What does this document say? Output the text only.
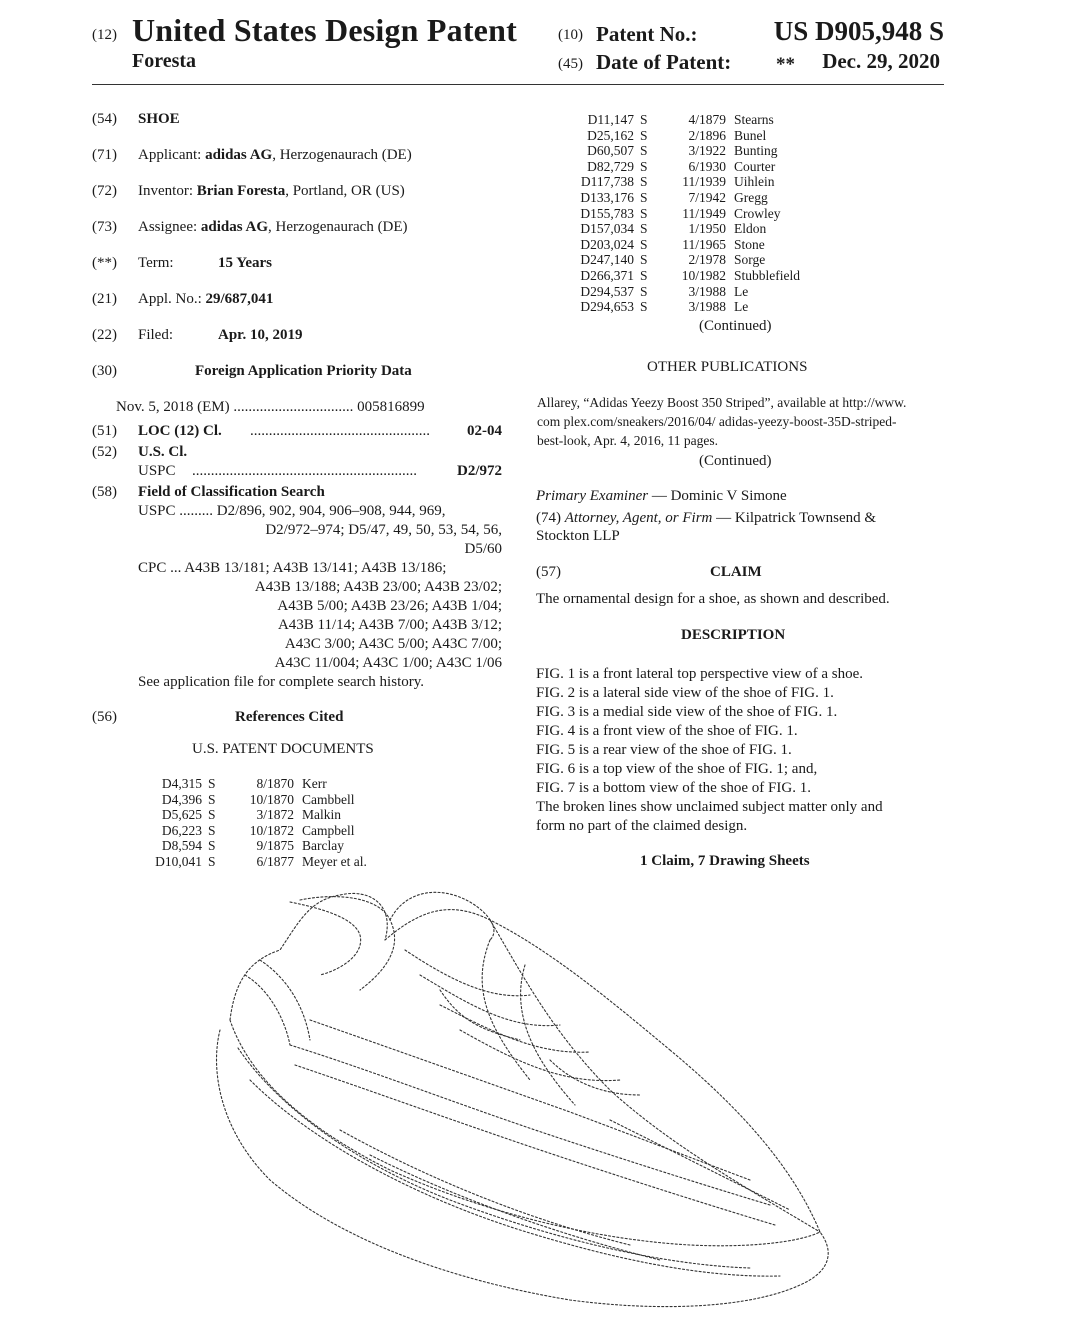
(12) United States Design Patent
Foresta
(10) Patent No.:	US D905,948 S
(45) Date of Patent: ** Dec. 29, 2020
(54) SHOE
(71) Applicant: adidas AG, Herzogenaurach (DE)
(72) Inventor: Brian Foresta, Portland, OR (US)
(73) Assignee: adidas AG, Herzogenaurach (DE)
(**) Term:	15 Years
(21) Appl. No.: 29/687,041
(22) Filed:	Apr. 10, 2019
(30)	Foreign Application Priority Data
Nov. 5, 2018 (EM) ................................ 005816899
(51) LOC (12) Cl. ................................................ 02-04
(52) U.S. Cl.
USPC ............................................................	D2/972
(58) Field of Classification Search
USPC ......... D2/896, 902, 904, 906–908, 944, 969,
D2/972–974; D5/47, 49, 50, 53, 54, 56,
D5/60
CPC ... A43B 13/181; A43B 13/141; A43B 13/186;
A43B 13/188; A43B 23/00; A43B 23/02;
A43B 5/00; A43B 23/26; A43B 1/04;
A43B 11/14; A43B 7/00; A43B 3/12;
A43C 3/00; A43C 5/00; A43C 7/00;
A43C 11/004; A43C 1/00; A43C 1/06
See application file for complete search history.
(56)	References Cited
U.S. PATENT DOCUMENTS
D4,315 S	8/1870 Kerr
D4,396 S	10/1870 Cambbell
D5,625 S	3/1872 Malkin
D6,223 S	10/1872 Campbell
D8,594 S	9/1875 Barclay
D10,041 S	6/1877 Meyer et al.
D11,147 S	4/1879 Stearns
D25,162 S	2/1896 Bunel
D60,507 S	3/1922 Bunting
D82,729 S	6/1930 Courter
D117,738 S	11/1939 Uihlein
D133,176 S	7/1942 Gregg
D155,783 S	11/1949 Crowley
D157,034 S	1/1950 Eldon
D203,024 S	11/1965 Stone
D247,140 S	2/1978 Sorge
D266,371 S	10/1982 Stubblefield
D294,537 S	3/1988 Le
D294,653 S	3/1988 Le
(Continued)
OTHER PUBLICATIONS
Allarey, “Adidas Yeezy Boost 350 Striped”, available at http://www.
com plex.com/sneakers/2016/04/ adidas-yeezy-boost-35D-striped-
best-look, Apr. 4, 2016, 11 pages.
(Continued)
Primary Examiner — Dominic V Simone
(74) Attorney, Agent, or Firm — Kilpatrick Townsend &
Stockton LLP
(57)	CLAIM
The ornamental design for a shoe, as shown and described.
DESCRIPTION
FIG. 1 is a front lateral top perspective view of a shoe.
FIG. 2 is a lateral side view of the shoe of FIG. 1.
FIG. 3 is a medial side view of the shoe of FIG. 1.
FIG. 4 is a front view of the shoe of FIG. 1.
FIG. 5 is a rear view of the shoe of FIG. 1.
FIG. 6 is a top view of the shoe of FIG. 1; and,
FIG. 7 is a bottom view of the shoe of FIG. 1.
The broken lines show unclaimed subject matter only and
form no part of the claimed design.
1 Claim, 7 Drawing Sheets
